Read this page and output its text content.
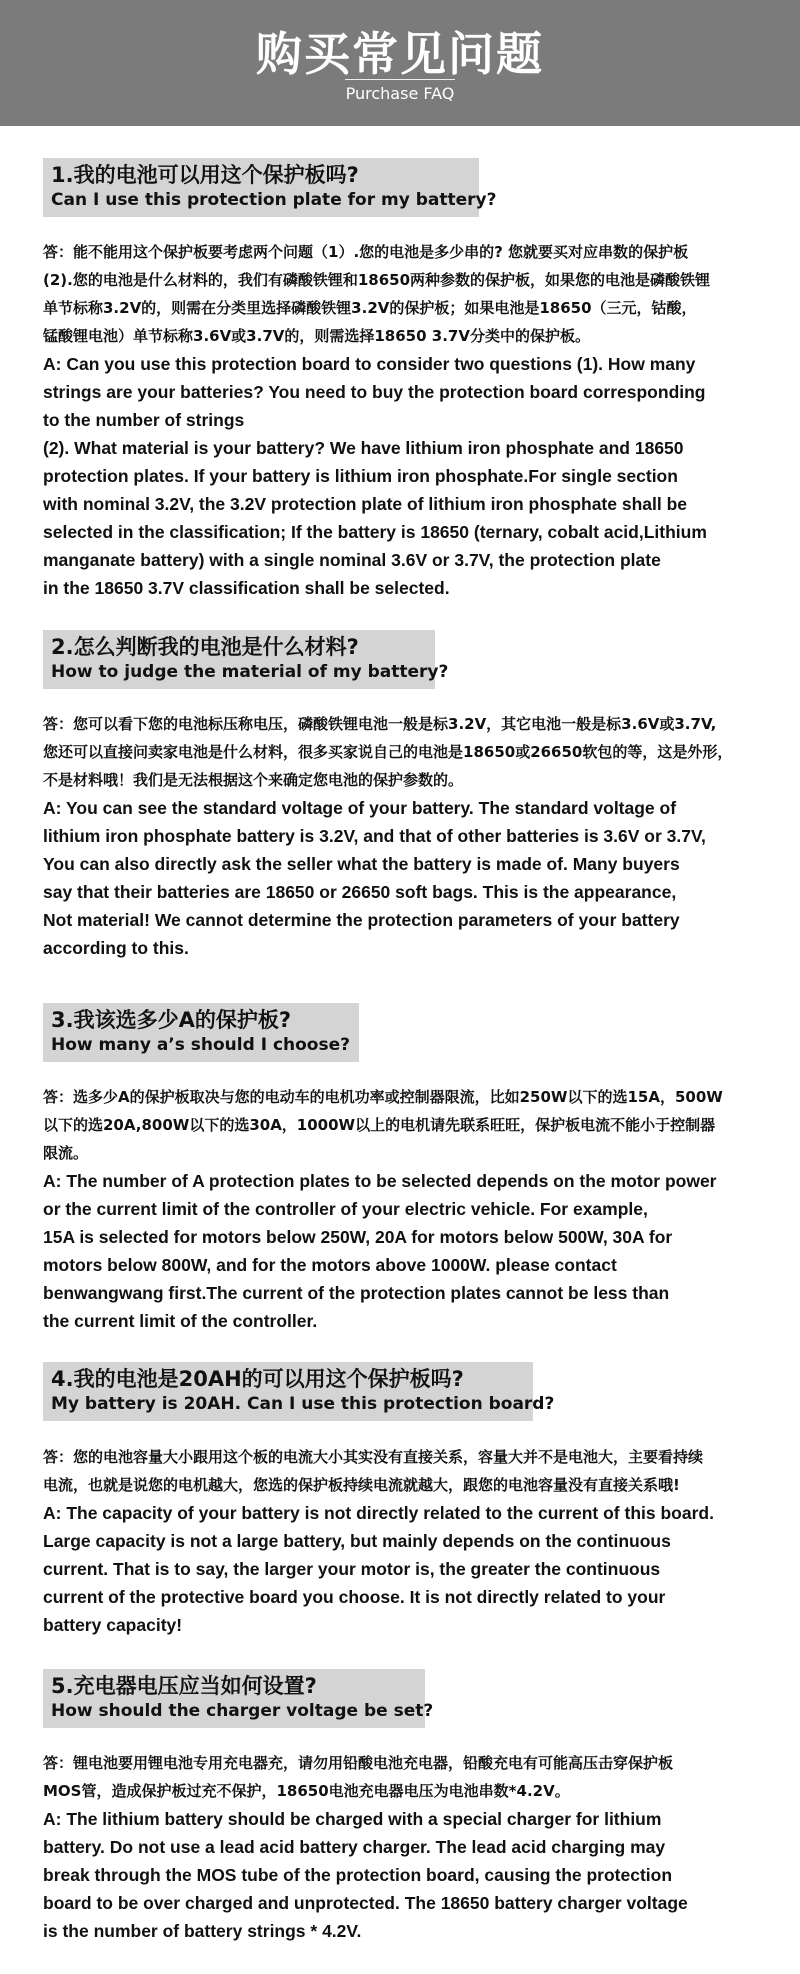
购买常见问题
Purchase FAQ
1.我的电池可以用这个保护板吗?
Can I use this protection plate for my battery?
答：能不能用这个保护板要考虑两个问题（1）.您的电池是多少串的? 您就要买对应串数的保护板
(2).您的电池是什么材料的，我们有磷酸铁锂和18650两种参数的保护板，如果您的电池是磷酸铁锂
单节标称3.2V的，则需在分类里选择磷酸铁锂3.2V的保护板；如果电池是18650（三元，钴酸，
锰酸锂电池）单节标称3.6V或3.7V的，则需选择18650 3.7V分类中的保护板。
A: Can you use this protection board to consider two questions (1). How many
strings are your batteries? You need to buy the protection board corresponding
to the number of strings
(2). What material is your battery? We have lithium iron phosphate and 18650
protection plates. If your battery is lithium iron phosphate.For single section
with nominal 3.2V, the 3.2V protection plate of lithium iron phosphate shall be
selected in the classification; If the battery is 18650 (ternary, cobalt acid,Lithium
manganate battery) with a single nominal 3.6V or 3.7V, the protection plate
in the 18650 3.7V classification shall be selected.
2.怎么判断我的电池是什么材料?
How to judge the material of my battery?
答：您可以看下您的电池标压称电压，磷酸铁锂电池一般是标3.2V，其它电池一般是标3.6V或3.7V,
您还可以直接问卖家电池是什么材料，很多买家说自己的电池是18650或26650软包的等，这是外形，
不是材料哦！我们是无法根据这个来确定您电池的保护参数的。
A: You can see the standard voltage of your battery. The standard voltage of
lithium iron phosphate battery is 3.2V, and that of other batteries is 3.6V or 3.7V,
You can also directly ask the seller what the battery is made of. Many buyers
say that their batteries are 18650 or 26650 soft bags. This is the appearance,
Not material! We cannot determine the protection parameters of your battery
according to this.
3.我该选多少A的保护板?
How many a’s should I choose?
答：选多少A的保护板取决与您的电动车的电机功率或控制器限流，比如250W以下的选15A，500W
以下的选20A,800W以下的选30A，1000W以上的电机请先联系旺旺，保护板电流不能小于控制器
限流。
A: The number of A protection plates to be selected depends on the motor power
or the current limit of the controller of your electric vehicle. For example,
15A is selected for motors below 250W, 20A for motors below 500W, 30A for
motors below 800W, and for the motors above 1000W. please contact
benwangwang first.The current of the protection plates cannot be less than
the current limit of the controller.
4.我的电池是20AH的可以用这个保护板吗?
My battery is 20AH. Can I use this protection board?
答：您的电池容量大小跟用这个板的电流大小其实没有直接关系，容量大并不是电池大，主要看持续
电流，也就是说您的电机越大，您选的保护板持续电流就越大，跟您的电池容量没有直接关系哦!
A: The capacity of your battery is not directly related to the current of this board.
Large capacity is not a large battery, but mainly depends on the continuous
current. That is to say, the larger your motor is, the greater the continuous
current of the protective board you choose. It is not directly related to your
battery capacity!
5.充电器电压应当如何设置?
How should the charger voltage be set?
答：锂电池要用锂电池专用充电器充，请勿用铅酸电池充电器，铅酸充电有可能高压击穿保护板
MOS管，造成保护板过充不保护，18650电池充电器电压为电池串数*4.2V。
A: The lithium battery should be charged with a special charger for lithium
battery. Do not use a lead acid battery charger. The lead acid charging may
break through the MOS tube of the protection board, causing the protection
board to be over charged and unprotected. The 18650 battery charger voltage
is the number of battery strings * 4.2V.
